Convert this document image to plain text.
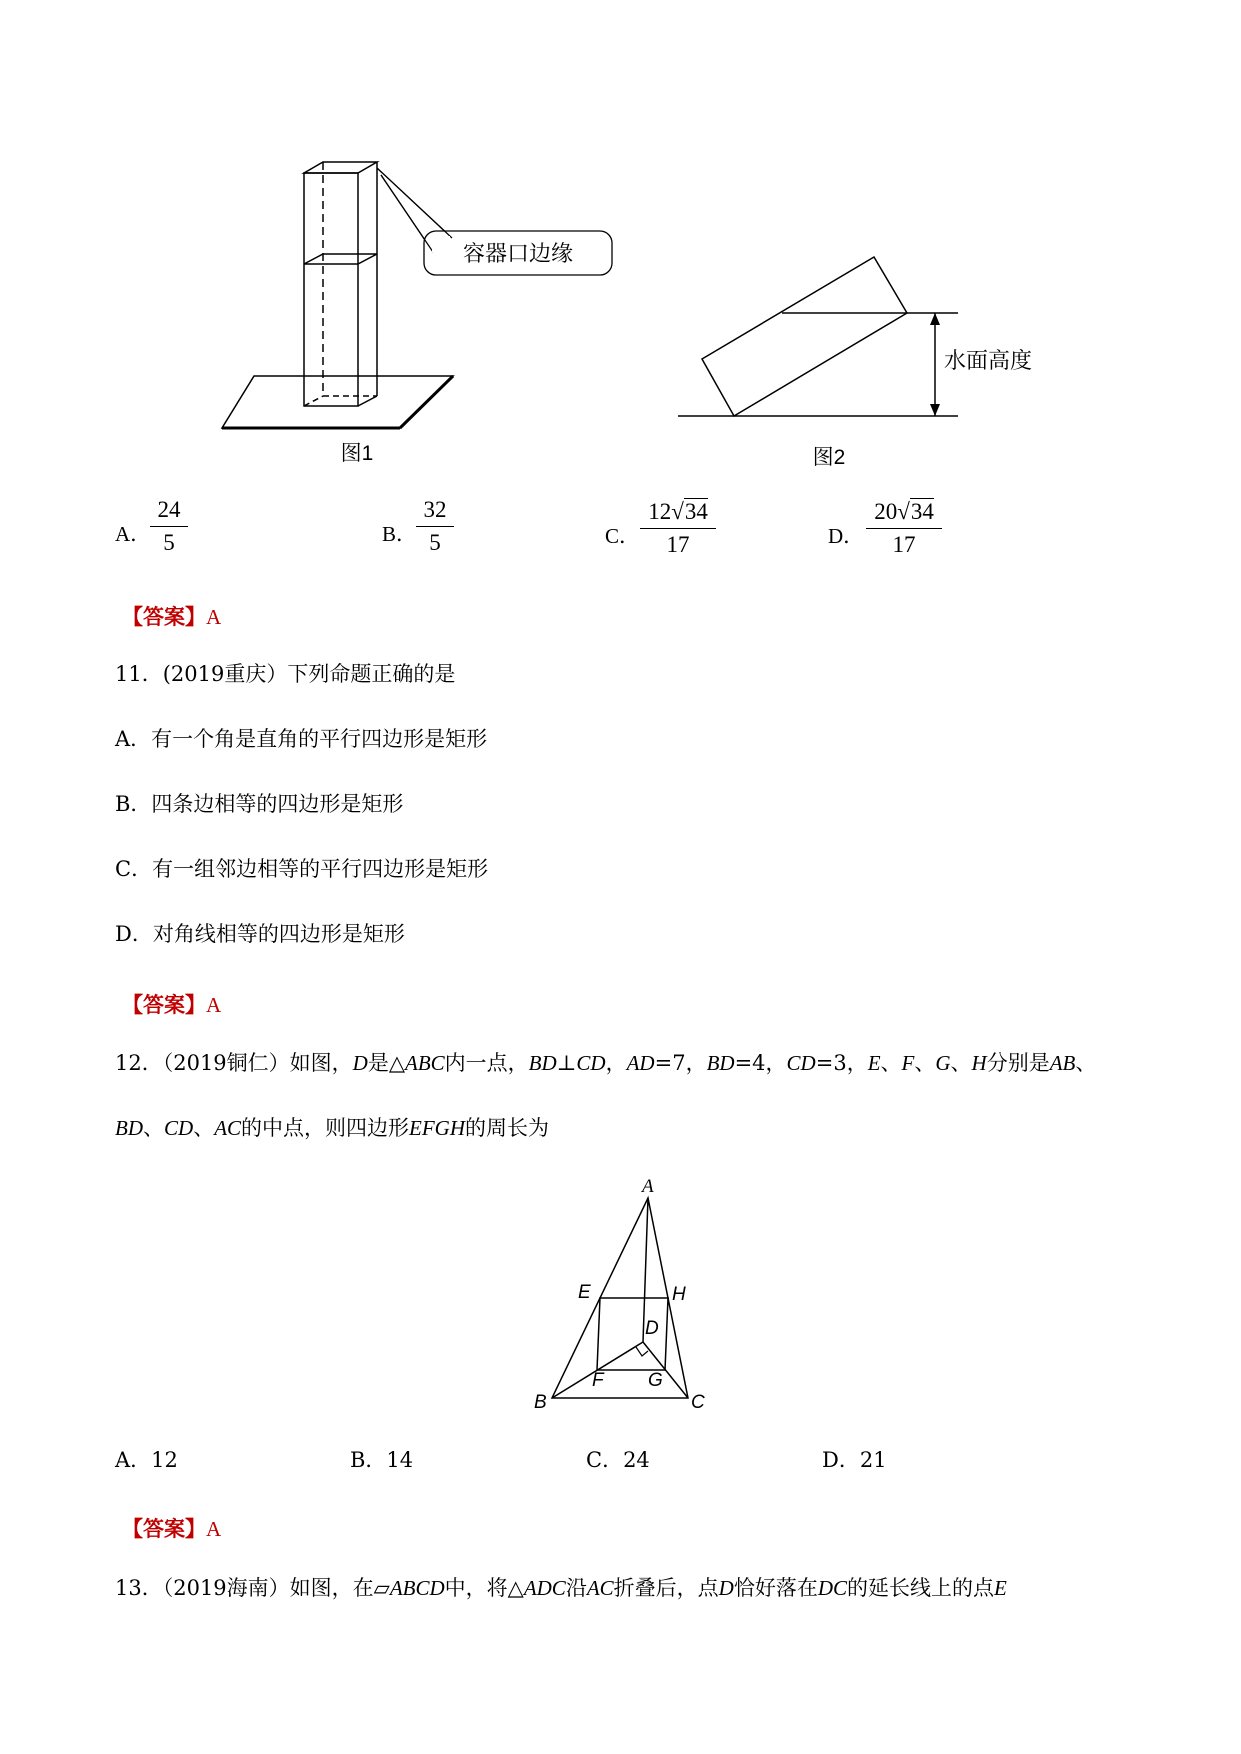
容器口边缘
图1
水面高度
图2
A．
24
5	B．
32
5	C．
12√34
17	D．
20√34
17
【答案】A
11．(2019重庆）下列命题正确的是
A．有一个角是直角的平行四边形是矩形
B．四条边相等的四边形是矩形
C．有一组邻边相等的平行四边形是矩形
D．对角线相等的四边形是矩形
【答案】A
12．（2019铜仁）如图，D是△ABC内一点，BD⊥CD，AD=7，BD=4，CD=3，E、F、G、H分别是AB、
BD、CD、AC的中点，则四边形EFGH的周长为
A
B	C
D
E
F G
H
A．12	B．14	C．24	D．21
【答案】A
13．（2019海南）如图，在▱ABCD中，将△ADC沿AC折叠后，点D恰好落在DC的延长线上的点E
